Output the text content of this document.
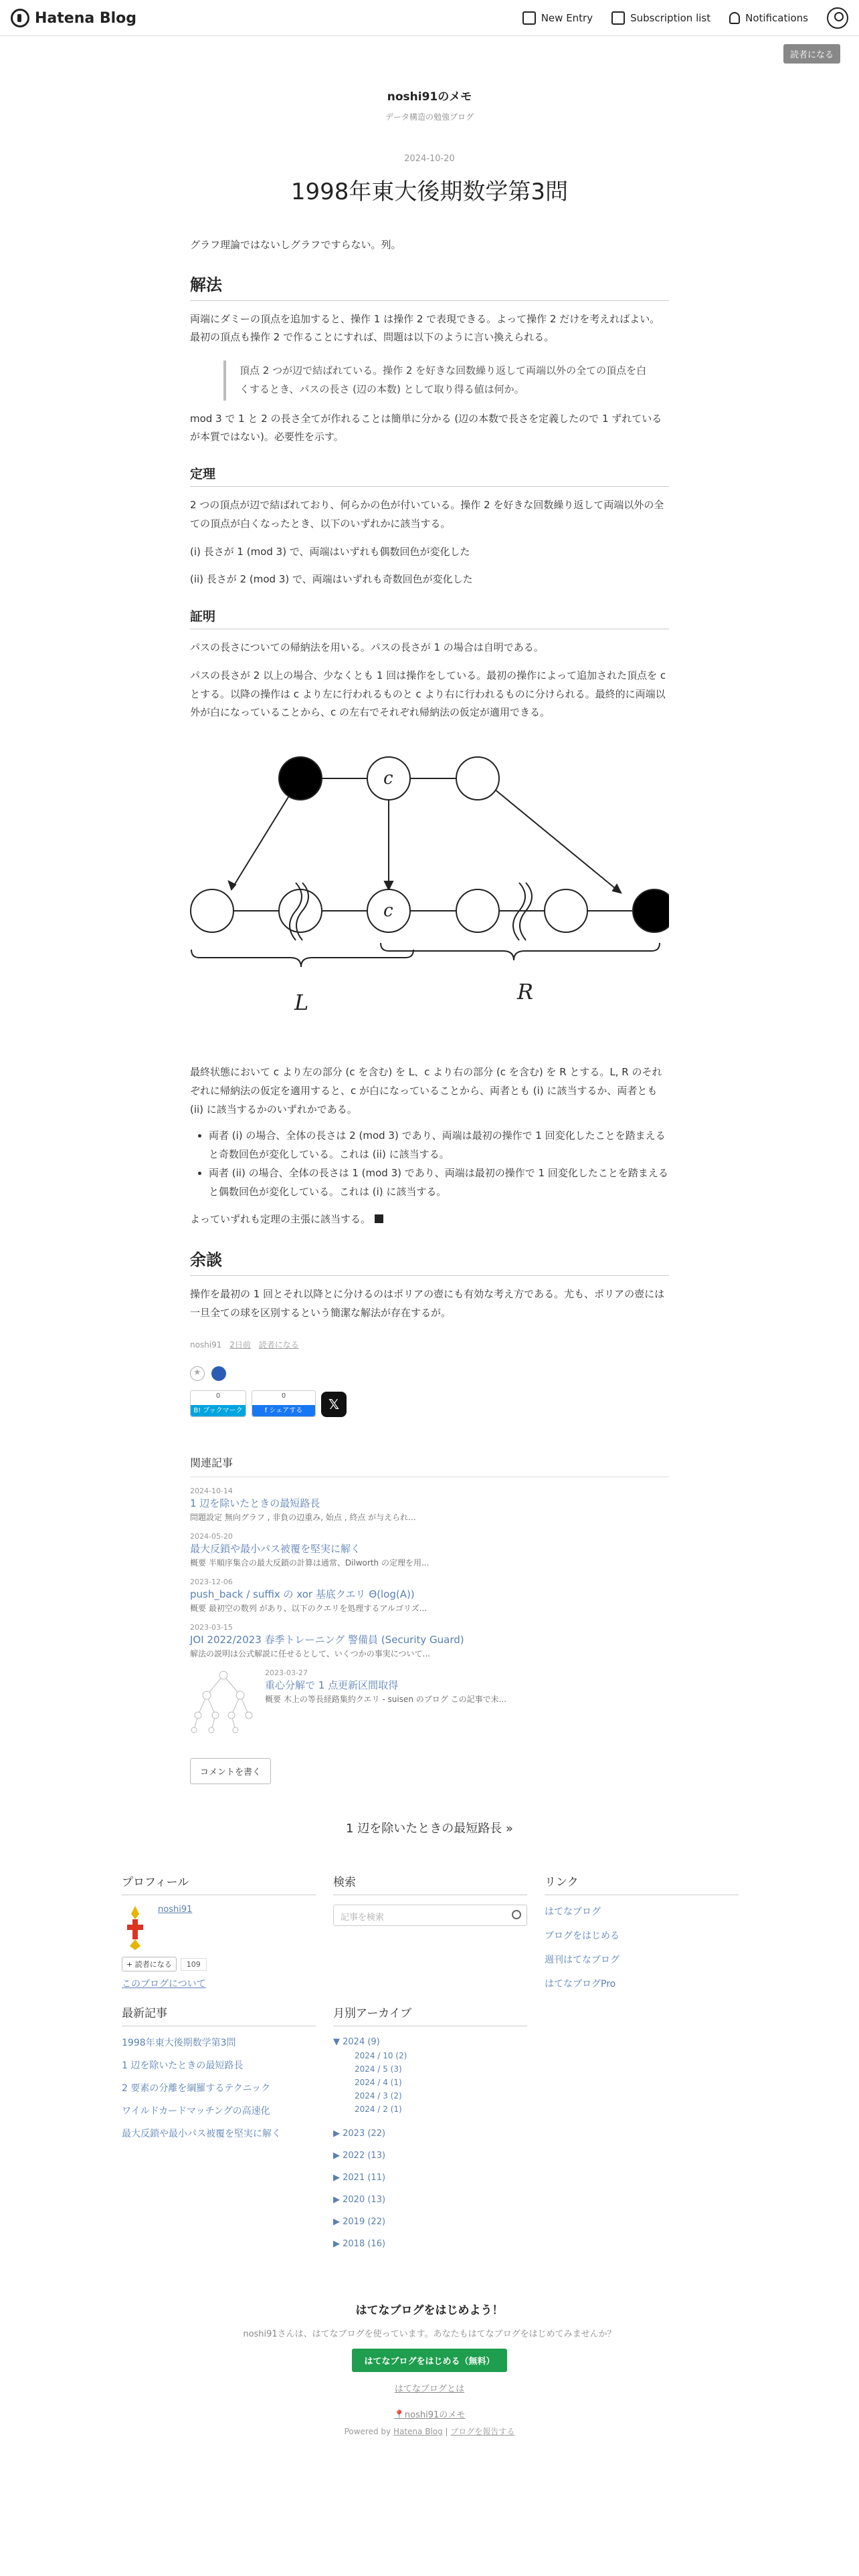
Hatena Blog	New Entry	Subscription list	Notifications
読者になる
noshi91のメモ
データ構造の勉強ブログ
2024-10-20
1998年東大後期数学第3問

グラフ理論ではないしグラフですらない。列。

解法

両端にダミーの頂点を追加すると、操作 1 は操作 2 で表現できる。よって操作 2 だけを考えればよい。最初の頂点も操作 2 で作ることにすれば、問題は以下のように言い換えられる。

頂点 2 つが辺で結ばれている。操作 2 を好きな回数繰り返して両端以外の全ての頂点を白くするとき、パスの長さ (辺の本数) として取り得る値は何か。

mod 3 で 1 と 2 の長さ全てが作れることは簡単に分かる (辺の本数で長さを定義したので 1 ずれているが本質ではない)。必要性を示す。

定理

2 つの頂点が辺で結ばれており、何らかの色が付いている。操作 2 を好きな回数繰り返して両端以外の全ての頂点が白くなったとき、以下のいずれかに該当する。

(i) 長さが 1 (mod 3) で、両端はいずれも偶数回色が変化した

(ii) 長さが 2 (mod 3) で、両端はいずれも奇数回色が変化した

証明

パスの長さについての帰納法を用いる。パスの長さが 1 の場合は自明である。

パスの長さが 2 以上の場合、少なくとも 1 回は操作をしている。最初の操作によって追加された頂点を c とする。以降の操作は c より左に行われるものと c より右に行われるものに分けられる。最終的に両端以外が白になっていることから、c の左右でそれぞれ帰納法の仮定が適用できる。

c
c
L	R

最終状態において c より左の部分 (c を含む) を L、c より右の部分 (c を含む) を R とする。L, R のそれぞれに帰納法の仮定を適用すると、c が白になっていることから、両者とも (i) に該当するか、両者とも (ii) に該当するかのいずれかである。

• 両者 (i) の場合、全体の長さは 2 (mod 3) であり、両端は最初の操作で 1 回変化したことを踏まえると奇数回色が変化している。これは (ii) に該当する。
• 両者 (ii) の場合、全体の長さは 1 (mod 3) であり、両端は最初の操作で 1 回変化したことを踏まえると偶数回色が変化している。これは (i) に該当する。

よっていずれも定理の主張に該当する。

余談

操作を最初の 1 回とそれ以降とに分けるのはポリアの壺にも有効な考え方である。尤も、ポリアの壺には一旦全ての球を区別するという簡潔な解法が存在するが。

noshi91 2日前 読者になる
★
0
B! ブックマーク
0
f シェアする	𝕏
関連記事
2024-10-14
1 辺を除いたときの最短路長
問題設定 無向グラフ , 非負の辺重み, 始点 , 終点 が与えられ...
2024-05-20
最大反鎖や最小パス被覆を堅実に解く
概要 半順序集合の最大反鎖の計算は通常、Dilworth の定理を用...
2023-12-06
push_back / suffix の xor 基底クエリ Θ(log(A))
概要 最初空の数列 があり、以下のクエリを処理するアルゴリズ...
2023-03-15
JOI 2022/2023 春季トレーニング 警備員 (Security Guard)
解法の説明は公式解説に任せるとして、いくつかの事実について...
2023-03-27
重心分解で 1 点更新区間取得
概要 木上の等長経路集約クエリ - suisen のブログ この記事で未...
コメントを書く
1 辺を除いたときの最短路長 »
プロフィール
noshi91
+ 読者になる	109
このブログについて
検索
記事を検索
リンク
はてなブログ
ブログをはじめる
週刊はてなブログ
はてなブログPro
最新記事
1998年東大後期数学第3問
1 辺を除いたときの最短路長
2 要素の分離を綱羅するテクニック
ワイルドカードマッチングの高速化
最大反鎖や最小パス被覆を堅実に解く
月別アーカイブ
▼ 2024 (9)
2024 / 10 (2)
2024 / 5 (3)
2024 / 4 (1)
2024 / 3 (2)
2024 / 2 (1)
▶ 2023 (22)
▶ 2022 (13)
▶ 2021 (11)
▶ 2020 (13)
▶ 2019 (22)
▶ 2018 (16)
はてなブログをはじめよう！
noshi91さんは、はてなブログを使っています。あなたもはてなブログをはじめてみませんか？
はてなブログをはじめる（無料）
はてなブログとは
📍noshi91のメモ
Powered by Hatena Blog | ブログを報告する
